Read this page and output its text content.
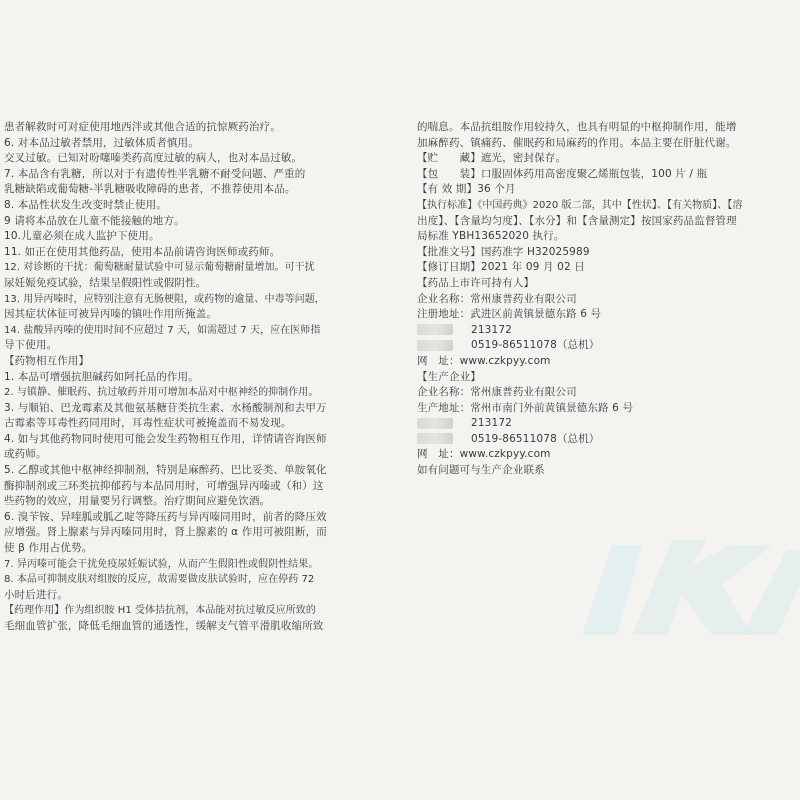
患者解救时可对症使用地西泮或其他合适的抗惊厥药治疗。
6. 对本品过敏者禁用，过敏体质者慎用。
交叉过敏。已知对吩噻嗪类药高度过敏的病人，也对本品过敏。
7. 本品含有乳糖，所以对于有遗传性半乳糖不耐受问题、严重的
乳糖缺陷或葡萄糖-半乳糖吸收障碍的患者，不推荐使用本品。
8. 本品性状发生改变时禁止使用。
9 请将本品放在儿童不能接触的地方。
10.儿童必须在成人监护下使用。
11. 如正在使用其他药品，使用本品前请咨询医师或药师。
12. 对诊断的干扰：葡萄糖耐量试验中可显示葡萄糖耐量增加。可干扰
尿妊娠免疫试验，结果呈假阳性或假阴性。
13. 用异丙嗪时，应特别注意有无肠梗阻，或药物的逾量、中毒等问题，
因其症状体征可被异丙嗪的镇吐作用所掩盖。
14. 盐酸异丙嗪的使用时间不应超过 7 天，如需超过 7 天，应在医师指
导下使用。
【药物相互作用】
1. 本品可增强抗胆碱药如阿托品的作用。
2. 与镇静、催眠药、抗过敏药并用可增加本品对中枢神经的抑制作用。
3. 与顺铂、巴龙霉素及其他氨基糖苷类抗生素、水杨酸制剂和去甲万
古霉素等耳毒性药同用时，耳毒性症状可被掩盖而不易发现。
4. 如与其他药物同时使用可能会发生药物相互作用，详情请咨询医师
或药师。
5. 乙醇或其他中枢神经抑制剂，特别是麻醉药、巴比妥类、单胺氧化
酶抑制剂或三环类抗抑郁药与本品同用时，可增强异丙嗪或（和）这
些药物的效应，用量要另行调整。治疗期间应避免饮酒。
6. 溴苄铵、异喹胍或胍乙啶等降压药与异丙嗪同用时，前者的降压效
应增强。肾上腺素与异丙嗪同用时，肾上腺素的 α 作用可被阻断，而
使 β 作用占优势。
7. 异丙嗪可能会干扰免疫尿妊娠试验，从而产生假阳性或假阴性结果。
8. 本品可抑制皮肤对组胺的反应，故需要做皮肤试验时，应在停药 72
小时后进行。
【药理作用】作为组织胺 H1 受体拮抗剂，本品能对抗过敏反应所致的
毛细血管扩张，降低毛细血管的通透性，缓解支气管平滑肌收缩所致
的喘息。本品抗组胺作用较持久，也具有明显的中枢抑制作用，能增
加麻醉药、镇痛药、催眠药和局麻药的作用。本品主要在肝脏代谢。
【贮　　藏】遮光，密封保存。
【包　　装】口服固体药用高密度聚乙烯瓶包装，100 片 / 瓶
【有 效 期】36 个月
【执行标准】《中国药典》2020 版二部，其中【性状】、【有关物质】、【溶
出度】、【含量均匀度】、【水分】和【含量测定】按国家药品监督管理
局标准 YBH13652020 执行。
【批准文号】国药准字 H32025989
【修订日期】2021 年 09 月 02 日
【药品上市许可持有人】
企业名称：常州康普药业有限公司
注册地址：武进区前黄镇景德东路 6 号
213172
0519-86511078（总机）
网　址：www.czkpyy.com
【生产企业】
企业名称：常州康普药业有限公司
生产地址：常州市南门外前黄镇景德东路 6 号
213172
0519-86511078（总机）
网　址：www.czkpyy.com
如有问题可与生产企业联系
